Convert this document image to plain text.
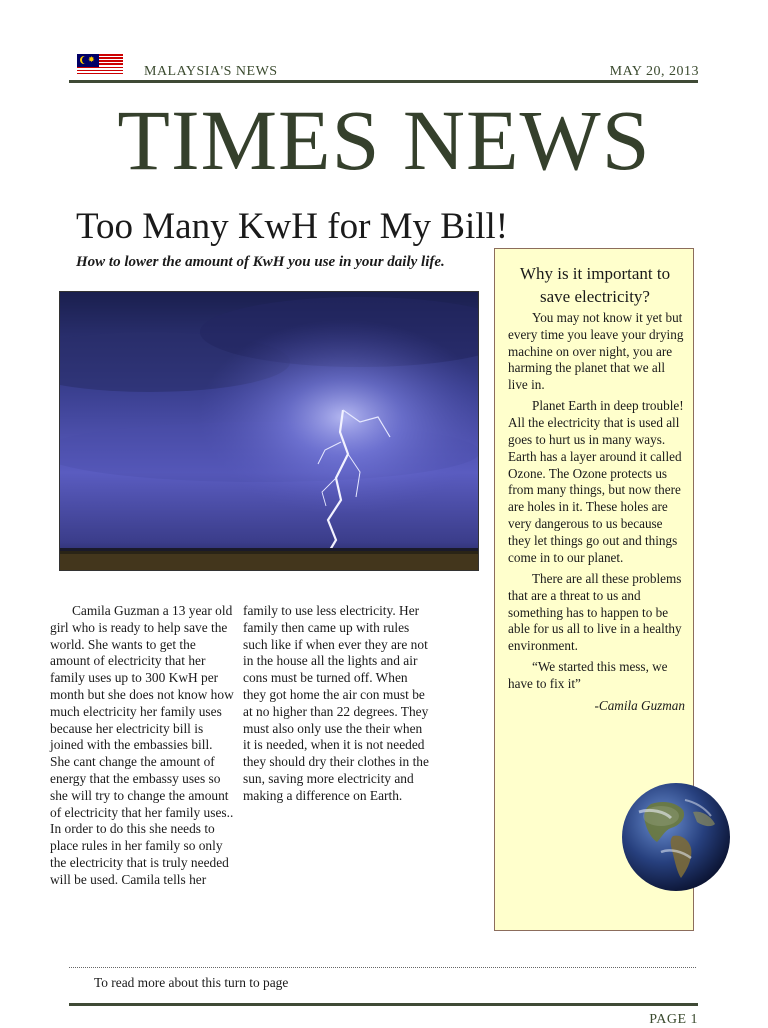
✸
MALAYSIA'S NEWS	MAY 20, 2013
TIMES NEWS
Too Many KwH for My Bill!
How to lower the amount of KwH you use in your daily life.

Camila Guzman a 13 year old girl who is ready to help save the world. She wants to get the amount of electricity that her family uses up to 300 KwH per month but she does not know how much electricity her family uses because her electricity bill is joined with the embassies bill. She cant change the amount of energy that the embassy uses so she will try to change the amount of electricity that her family uses.. In order to do this she needs to place rules in her family so only the electricity that is truly needed will be used. Camila tells her

family to use less electricity. Her family then came up with rules such like if when ever they are not in the house all the lights and air cons must be turned off. When they got home the air con must be at no higher than 22 degrees. They must also only use the their when it is needed, when it is not needed they should dry their clothes in the sun, saving more electricity and making a difference on Earth.

Why is it important to save electricity?

You may not know it yet but every time you leave your drying machine on over night, you are harming the planet that we all live in.

Planet Earth in deep trouble! All the electricity that is used all goes to hurt us in many ways. Earth has a layer around it called Ozone. The Ozone protects us from many things, but now there are holes in it. These holes are very dangerous to us because they let things go out and things come in to our planet.

There are all these problems that are a threat to us and something has to happen to be able for us all to live in a healthy environment.

“We started this mess, we have to fix it”

-Camila Guzman

To read more about this turn to page
PAGE 1
